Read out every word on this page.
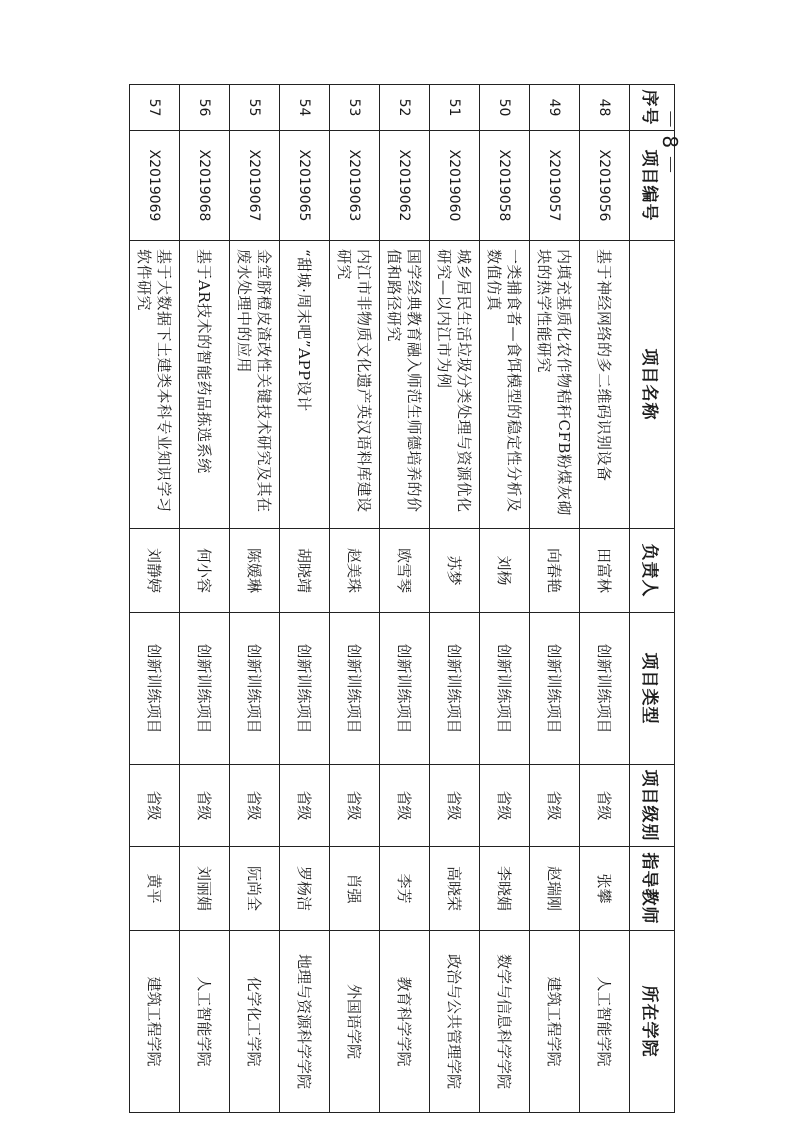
序号	项目编号	项目名称	负责人	项目类型	项目级别	指导教师	所在学院
48	X2019056	基于神经网络的多二维码识别设备	田富林	创新训练项目	省级	张攀	人工智能学院
49	X2019057	内填充基质化农作物秸秆CFB粉煤灰砌块的热学性能研究	向春艳	创新训练项目	省级	赵瑞刚	建筑工程学院
50	X2019058	一类捕食者—食饵模型的稳定性分析及数值仿真	刘杨	创新训练项目	省级	李晓娟	数学与信息科学学院
51	X2019060	城乡居民生活垃圾分类处理与资源优化研究—以内江市为例	苏梦	创新训练项目	省级	高晓荣	政治与公共管理学院
52	X2019062	国学经典教育融入师范生师德培养的价值和路径研究	欧雪琴	创新训练项目	省级	李芳	教育科学学院
53	X2019063	内江市非物质文化遗产英汉语料库建设研究	赵美珠	创新训练项目	省级	肖强	外国语学院
54	X2019065	“甜城·周末吧”APP设计	胡晓靖	创新训练项目	省级	罗杨洁	地理与资源科学学院
55	X2019067	金堂脐橙皮渣改性关键技术研究及其在废水处理中的应用	陈媛琳	创新训练项目	省级	阮尚全	化学化工学院
56	X2019068	基于AR技术的智能药品拣选系统	何小容	创新训练项目	省级	刘丽娟	人工智能学院
57	X2019069	基于大数据下土建类本科专业知识学习软件研究	刘静婷	创新训练项目	省级	黄平	建筑工程学院
－ 8 －
